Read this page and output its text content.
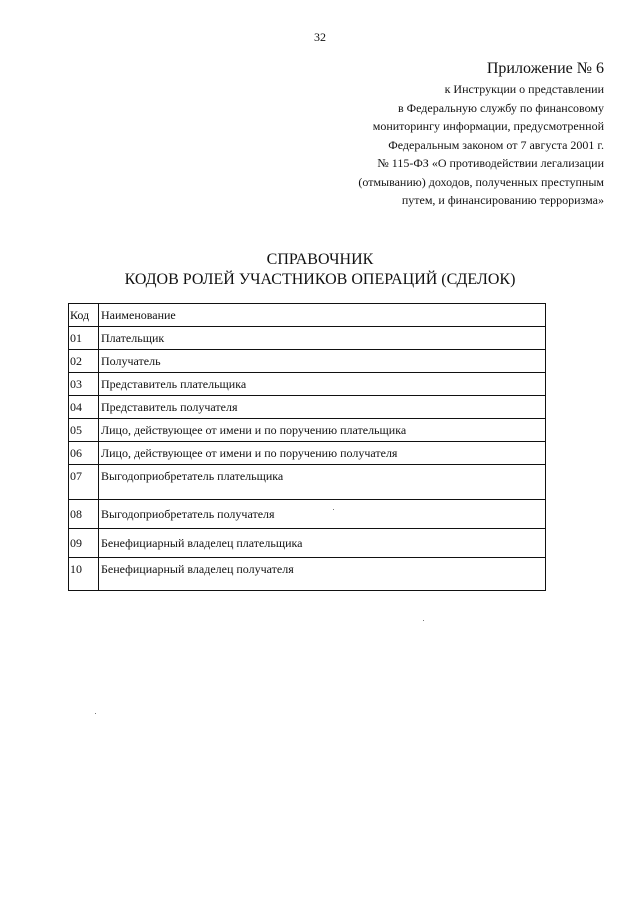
32
Приложение № 6
к Инструкции о представлении
в Федеральную службу по финансовому
мониторингу информации, предусмотренной
Федеральным законом от 7 августа 2001 г.
№ 115-ФЗ «О противодействии легализации
(отмыванию) доходов, полученных преступным
путем, и финансированию терроризма»
СПРАВОЧНИК
КОДОВ РОЛЕЙ УЧАСТНИКОВ ОПЕРАЦИЙ (СДЕЛОК)
Код	Наименование
01	Плательщик
02	Получатель
03	Представитель плательщика
04	Представитель получателя
05	Лицо, действующее от имени и по поручению плательщика
06	Лицо, действующее от имени и по поручению получателя
07	Выгодоприобретатель плательщика
08	Выгодоприобретатель получателя
09	Бенефициарный владелец плательщика
10	Бенефициарный владелец получателя
